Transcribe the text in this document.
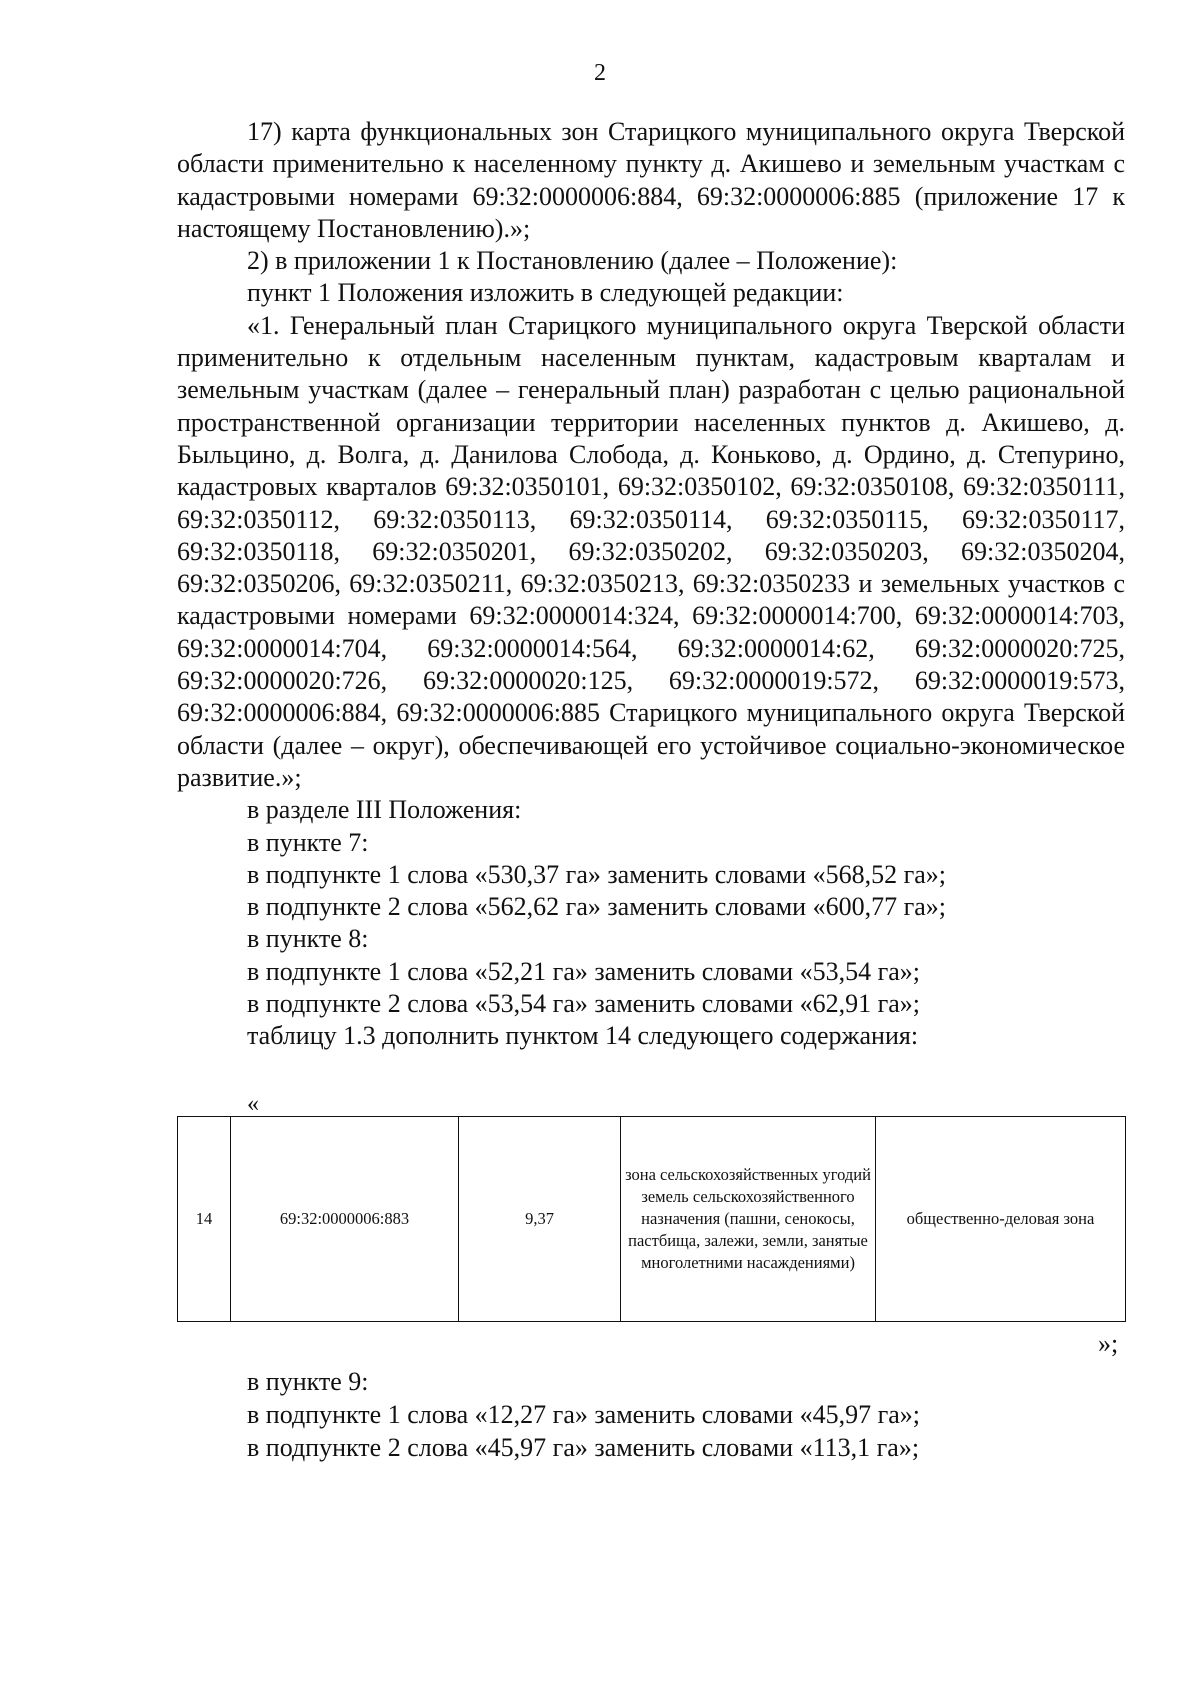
2

17) карта функциональных зон Старицкого муниципального округа Тверской области применительно к населенному пункту д. Акишево и земельным участкам с кадастровыми номерами 69:32:0000006:884, 69:32:0000006:885 (приложение 17 к настоящему Постановлению).»;

2) в приложении 1 к Постановлению (далее – Положение):

пункт 1 Положения изложить в следующей редакции:

«1. Генеральный план Старицкого муниципального округа Тверской области применительно к отдельным населенным пунктам, кадастровым кварталам и земельным участкам (далее – генеральный план) разработан с целью рациональной пространственной организации территории населенных пунктов д. Акишево, д. Быльцино, д. Волга, д. Данилова Слобода, д. Коньково, д. Ордино, д. Степурино, кадастровых кварталов 69:32:0350101, 69:32:0350102, 69:32:0350108, 69:32:0350111, 69:32:0350112, 69:32:0350113, 69:32:0350114, 69:32:0350115, 69:32:0350117, 69:32:0350118, 69:32:0350201, 69:32:0350202, 69:32:0350203, 69:32:0350204, 69:32:0350206, 69:32:0350211, 69:32:0350213, 69:32:0350233 и земельных участков с кадастровыми номерами 69:32:0000014:324, 69:32:0000014:700, 69:32:0000014:703, 69:32:0000014:704, 69:32:0000014:564, 69:32:0000014:62, 69:32:0000020:725, 69:32:0000020:726, 69:32:0000020:125, 69:32:0000019:572, 69:32:0000019:573, 69:32:0000006:884, 69:32:0000006:885 Старицкого муниципального округа Тверской области (далее – округ), обеспечивающей его устойчивое социально-экономическое развитие.»;

в разделе III Положения:

в пункте 7:

в подпункте 1 слова «530,37 га» заменить словами «568,52 га»;

в подпункте 2 слова «562,62 га» заменить словами «600,77 га»;

в пункте 8:

в подпункте 1 слова «52,21 га» заменить словами «53,54 га»;

в подпункте 2 слова «53,54 га» заменить словами «62,91 га»;

таблицу 1.3 дополнить пунктом 14 следующего содержания:

«
14	69:32:0000006:883	9,37	зона сельскохозяйственных угодий земель сельскохозяйственного назначения (пашни, сенокосы, пастбища, залежи, земли, занятые многолетними насаждениями)	общественно-деловая зона
»;

в пункте 9:

в подпункте 1 слова «12,27 га» заменить словами «45,97 га»;

в подпункте 2 слова «45,97 га» заменить словами «113,1 га»;
